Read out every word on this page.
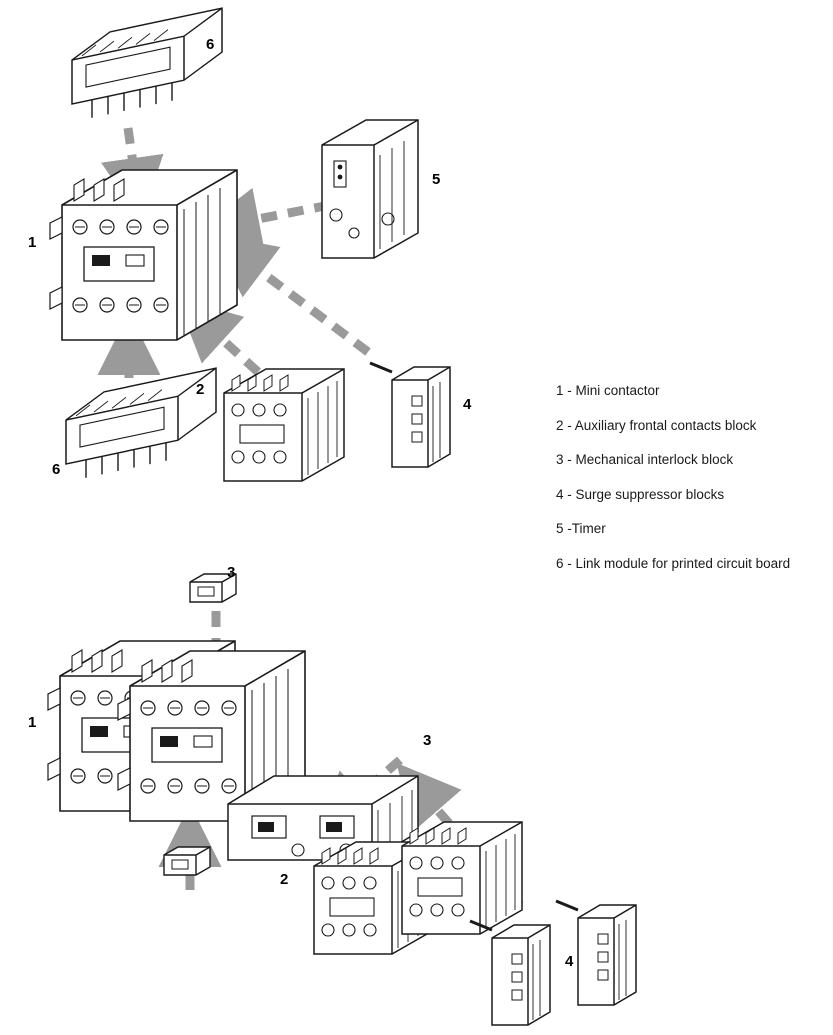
6
5
1
2
4
6
3
1
3
2
4
1 - Mini contactor
2 - Auxiliary frontal contacts block
3 - Mechanical interlock block
4 - Surge suppressor blocks
5 -Timer
6 - Link module for printed circuit board
